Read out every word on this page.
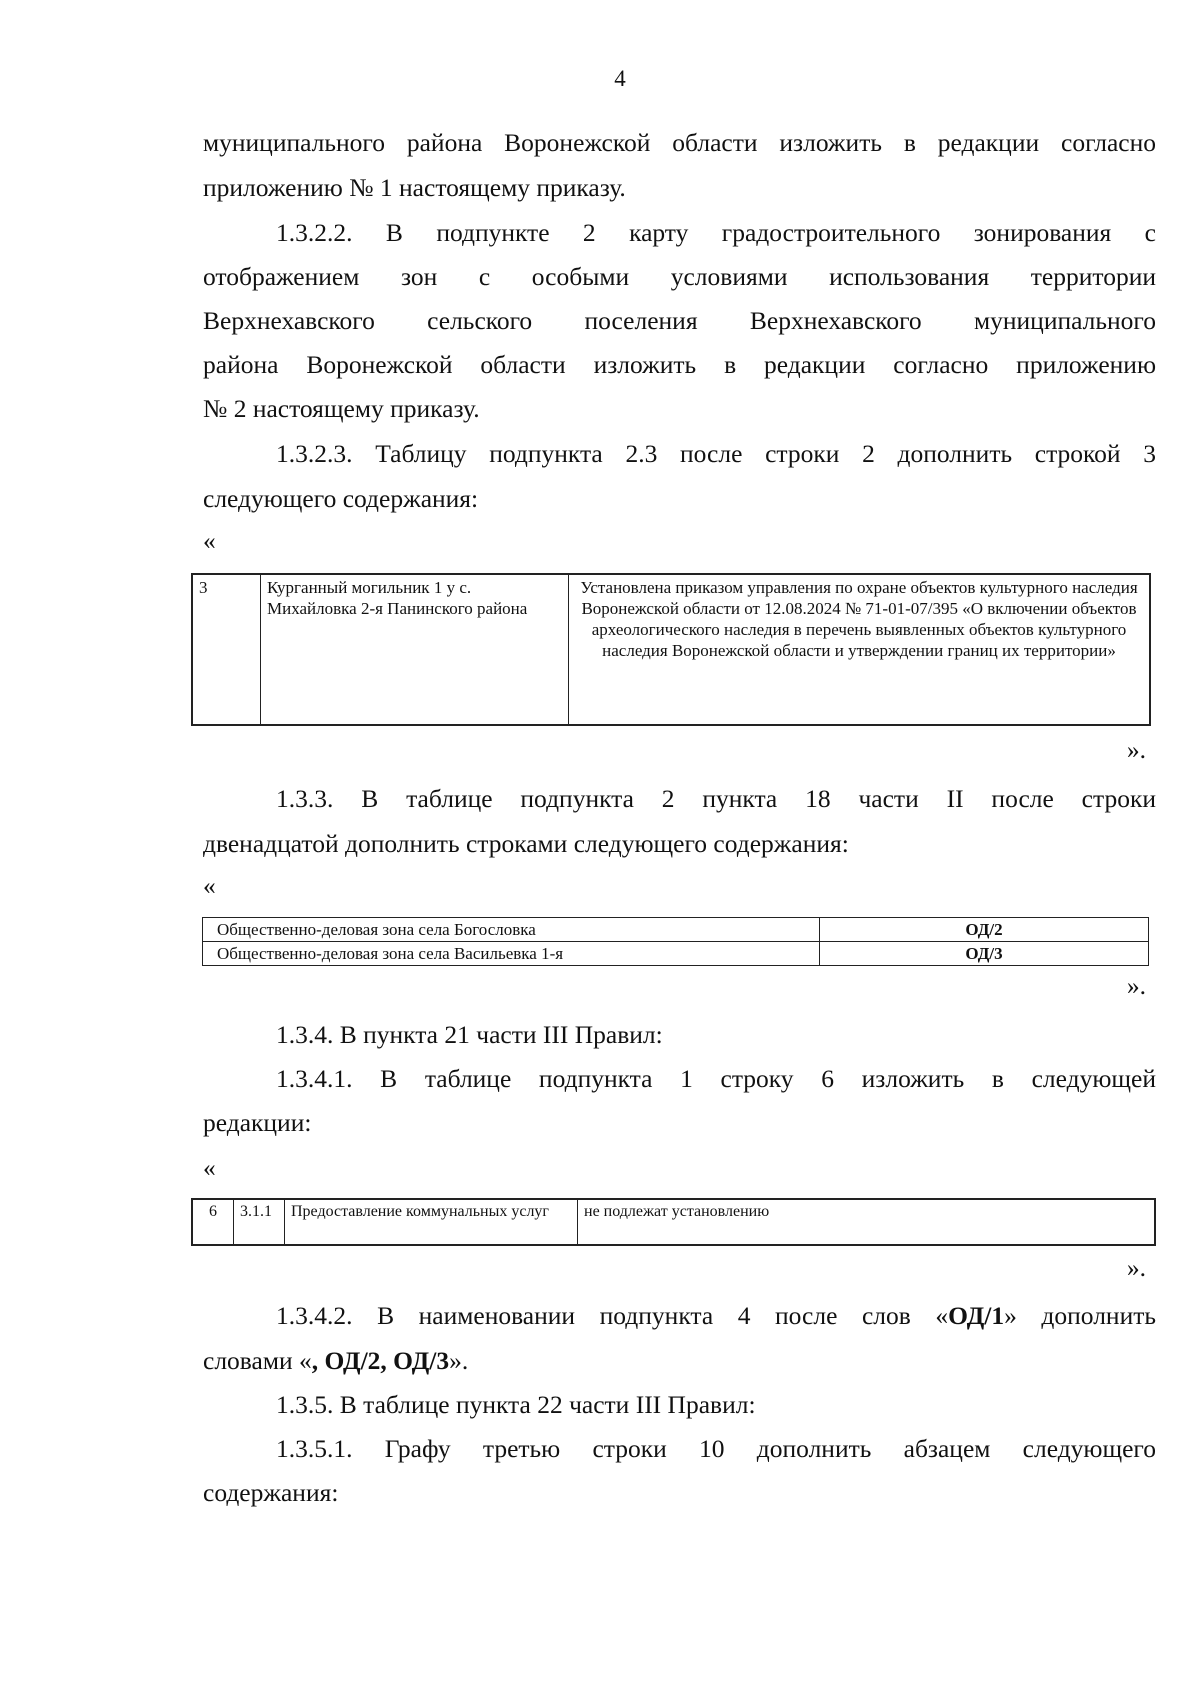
4
муниципального района Воронежской области изложить в редакции согласно
приложению № 1 настоящему приказу.
1.3.2.2. В подпункте 2 карту градостроительного зонирования с
отображением зон с особыми условиями использования территории
Верхнехавского сельского поселения Верхнехавского муниципального
района Воронежской области изложить в редакции согласно приложению
№ 2 настоящему приказу.
1.3.2.3. Таблицу подпункта 2.3 после строки 2 дополнить строкой 3
следующего содержания:
«
3	Курганный могильник 1 у с. Михайловка 2-я Панинского района	Установлена приказом управления по охране объектов культурного наследия Воронежской области от 12.08.2024 № 71-01-07/395 «О включении объектов археологического наследия в перечень выявленных объектов культурного наследия Воронежской области и утверждении границ их территории»
».
1.3.3. В таблице подпункта 2 пункта 18 части II после строки
двенадцатой дополнить строками следующего содержания:
«
Общественно-деловая зона села Богословка	ОД/2
Общественно-деловая зона села Васильевка 1-я	ОД/3
».
1.3.4. В пункта 21 части III Правил:
1.3.4.1. В таблице подпункта 1 строку 6 изложить в следующей
редакции:
«
6	3.1.1	Предоставление коммунальных услуг	не подлежат установлению
».
1.3.4.2. В наименовании подпункта 4 после слов «ОД/1» дополнить
словами «, ОД/2, ОД/3».
1.3.5. В таблице пункта 22 части III Правил:
1.3.5.1. Графу третью строки 10 дополнить абзацем следующего
содержания:
